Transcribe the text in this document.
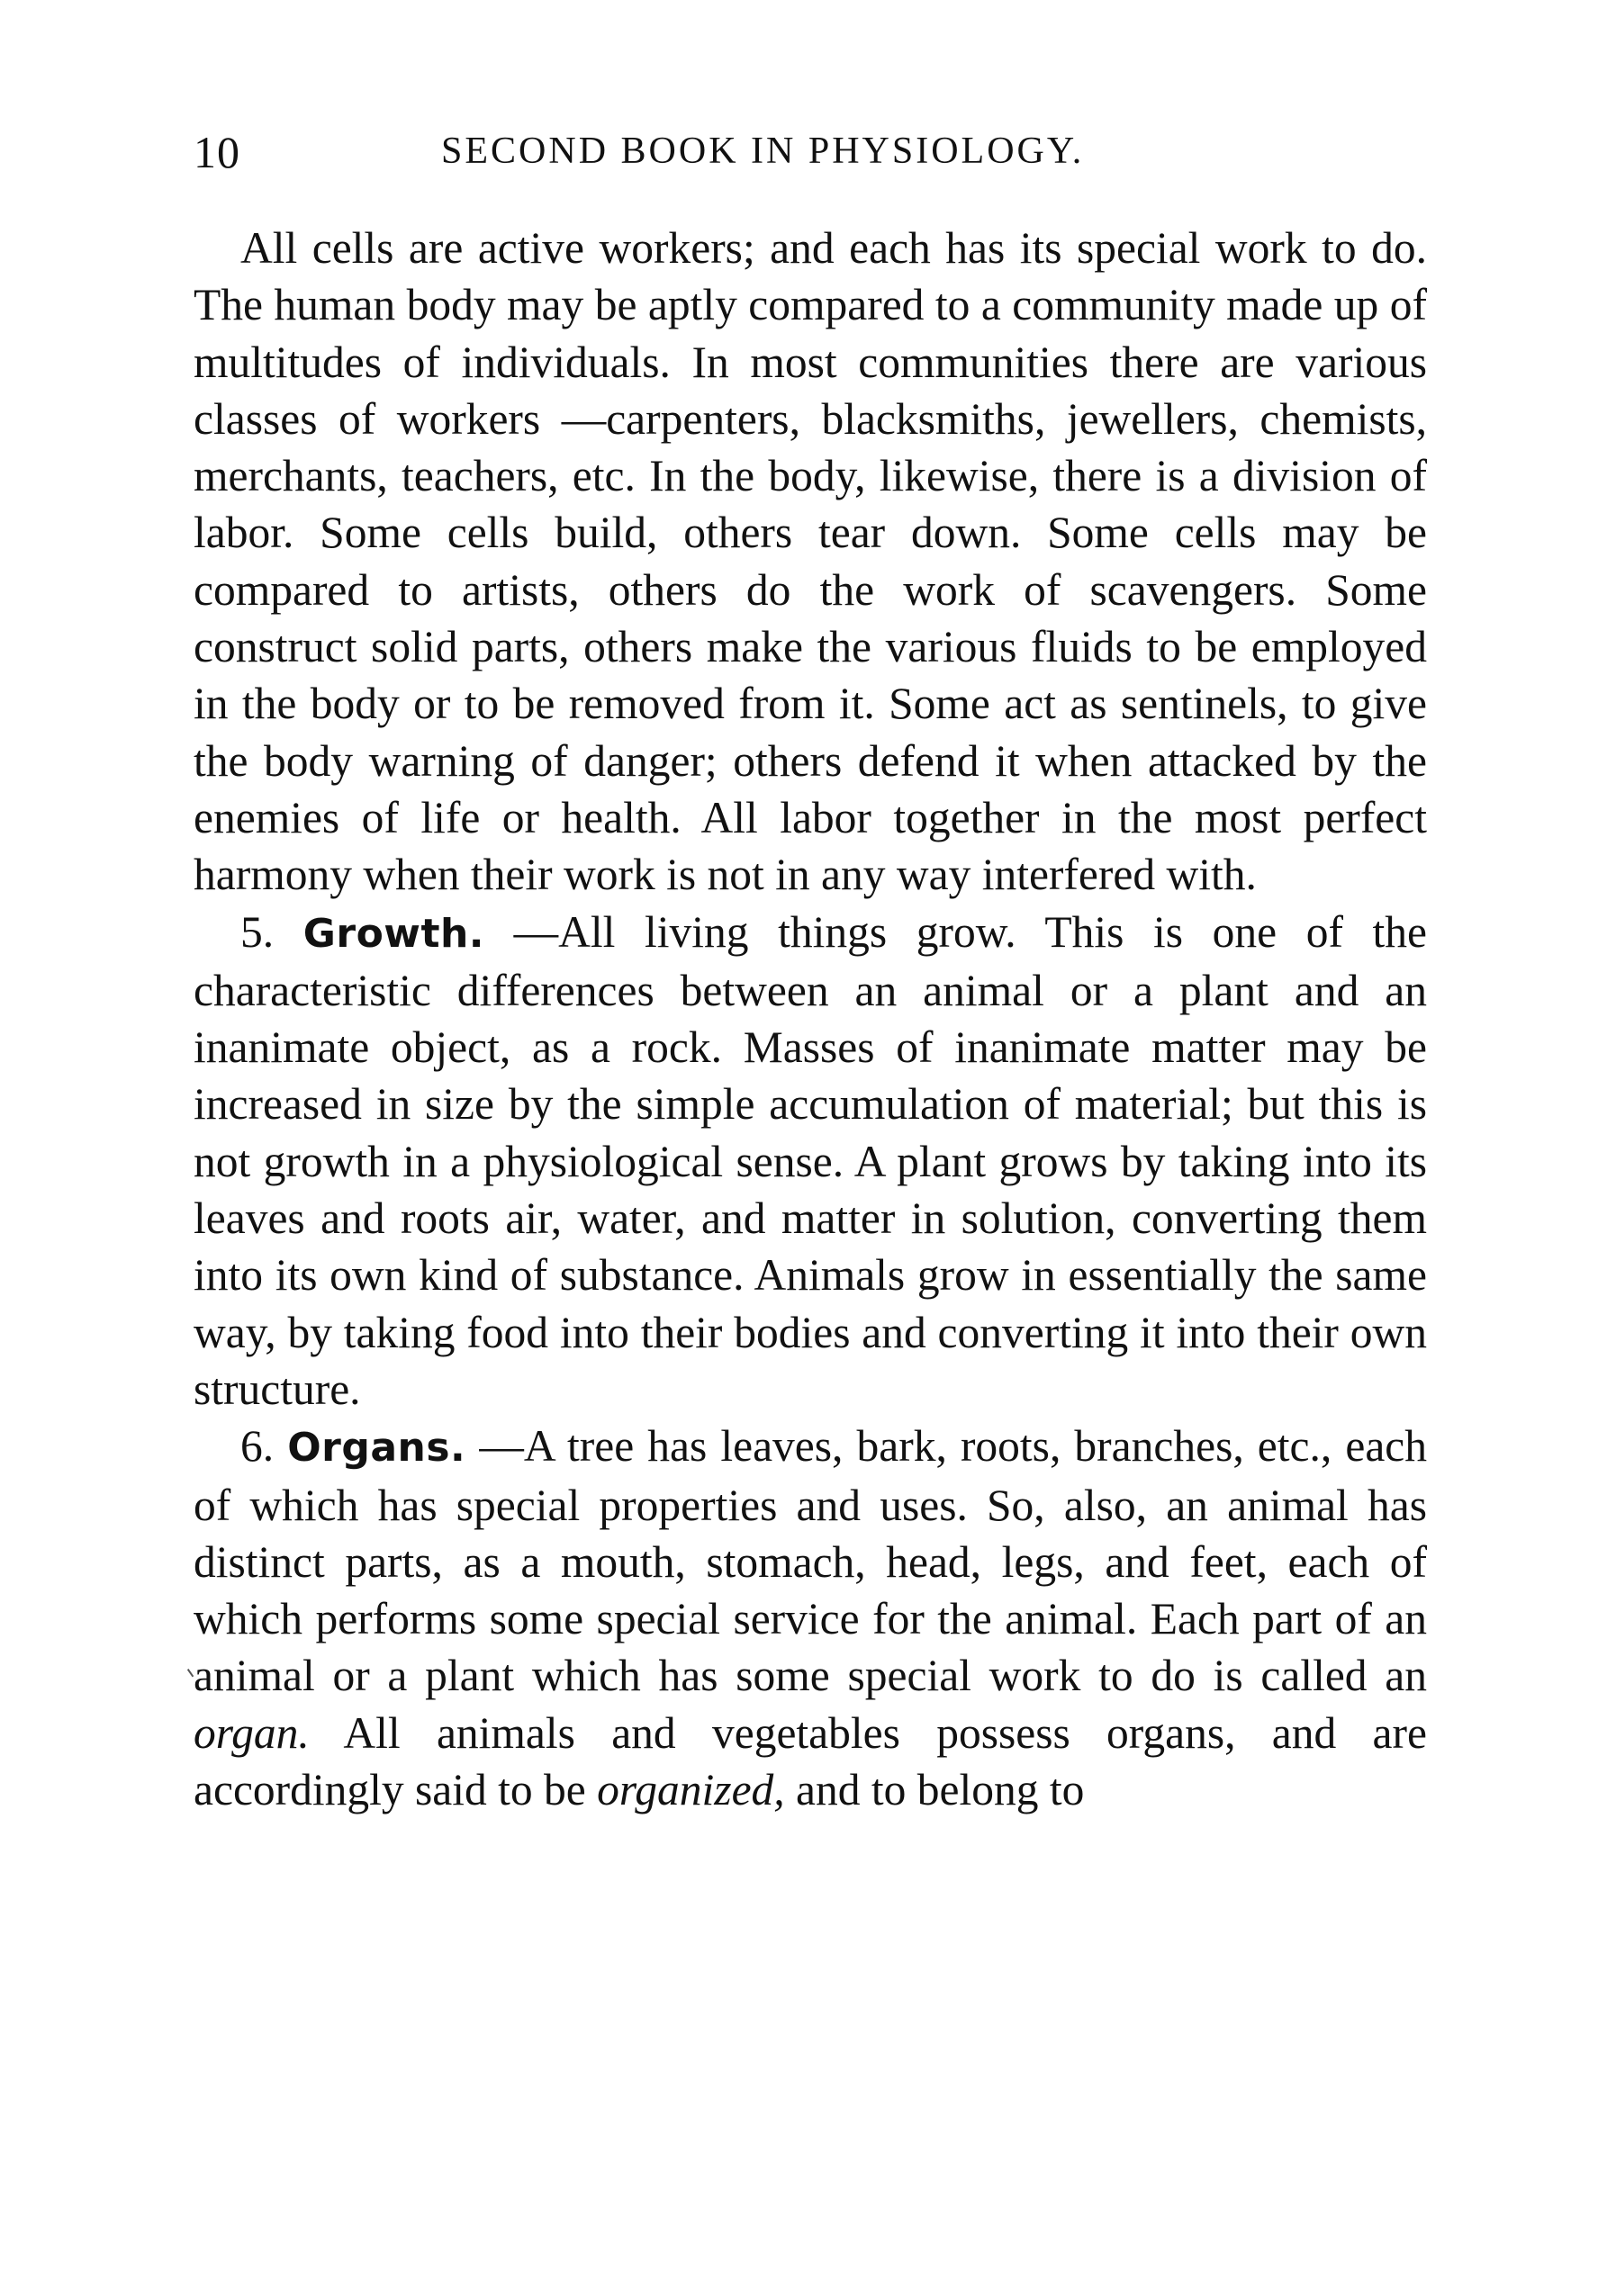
10	SECOND BOOK IN PHYSIOLOGY.

All cells are active workers; and each has its special work to do. The human body may be aptly compared to a community made up of multitudes of individuals. In most communities there are various classes of workers —carpenters, blacksmiths, jewellers, chemists, merchants, teachers, etc. In the body, likewise, there is a division of labor. Some cells build, others tear down. Some cells may be compared to artists, others do the work of scavengers. Some construct solid parts, others make the various fluids to be employed in the body or to be removed from it. Some act as sentinels, to give the body warning of danger; others defend it when attacked by the enemies of life or health. All labor together in the most perfect harmony when their work is not in any way interfered with.

5. Growth. —All living things grow. This is one of the characteristic differences between an animal or a plant and an inanimate object, as a rock. Masses of inanimate matter may be increased in size by the simple accumulation of material; but this is not growth in a physiological sense. A plant grows by taking into its leaves and roots air, water, and matter in solution, converting them into its own kind of substance. Animals grow in essentially the same way, by taking food into their bodies and converting it into their own structure.

6. Organs. —A tree has leaves, bark, roots, branches, etc., each of which has special properties and uses. So, also, an animal has distinct parts, as a mouth, stomach, head, legs, and feet, each of which performs some special service for the animal. Each part of an animal or a plant which has some special work to do is called an organ. All animals and vegetables possess organs, and are accordingly said to be organized, and to belong to
